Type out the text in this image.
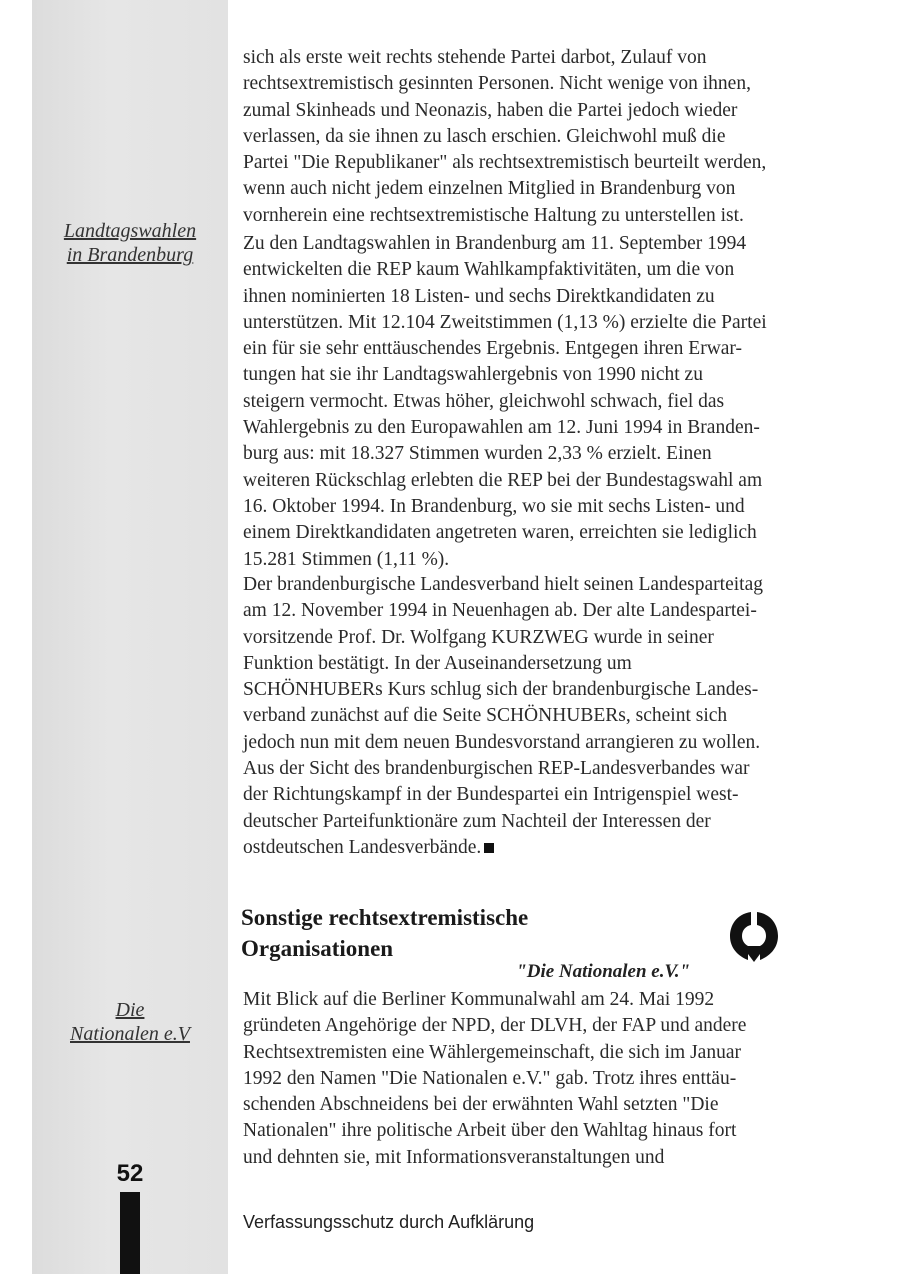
Landtagswahlen
in Brandenburg
Die
Nationalen e.V
52

sich als erste weit rechts stehende Partei darbot, Zulauf von
rechtsextremistisch gesinnten Personen. Nicht wenige von ihnen,
zumal Skinheads und Neonazis, haben die Partei jedoch wieder
verlassen, da sie ihnen zu lasch erschien. Gleichwohl muß die
Partei "Die Republikaner" als rechtsextremistisch beurteilt werden,
wenn auch nicht jedem einzelnen Mitglied in Brandenburg von
vornherein eine rechtsextremistische Haltung zu unterstellen ist.

Zu den Landtagswahlen in Brandenburg am 11. September 1994
entwickelten die REP kaum Wahlkampfaktivitäten, um die von
ihnen nominierten 18 Listen- und sechs Direktkandidaten zu
unterstützen. Mit 12.104 Zweitstimmen (1,13 %) erzielte die Partei
ein für sie sehr enttäuschendes Ergebnis. Entgegen ihren Erwar-
tungen hat sie ihr Landtagswahlergebnis von 1990 nicht zu
steigern vermocht. Etwas höher, gleichwohl schwach, fiel das
Wahlergebnis zu den Europawahlen am 12. Juni 1994 in Branden-
burg aus: mit 18.327 Stimmen wurden 2,33 % erzielt. Einen
weiteren Rückschlag erlebten die REP bei der Bundestagswahl am
16. Oktober 1994. In Brandenburg, wo sie mit sechs Listen- und
einem Direktkandidaten angetreten waren, erreichten sie lediglich
15.281 Stimmen (1,11 %).

Der brandenburgische Landesverband hielt seinen Landesparteitag
am 12. November 1994 in Neuenhagen ab. Der alte Landespartei-
vorsitzende Prof. Dr. Wolfgang KURZWEG wurde in seiner
Funktion bestätigt. In der Auseinandersetzung um
SCHÖNHUBERs Kurs schlug sich der brandenburgische Landes-
verband zunächst auf die Seite SCHÖNHUBERs, scheint sich
jedoch nun mit dem neuen Bundesvorstand arrangieren zu wollen.
Aus der Sicht des brandenburgischen REP-Landesverbandes war
der Richtungskampf in der Bundespartei ein Intrigenspiel west-
deutscher Parteifunktionäre zum Nachteil der Interessen der
ostdeutschen Landesverbände.

Sonstige rechtsextremistische
Organisationen
"Die Nationalen e.V."

Mit Blick auf die Berliner Kommunalwahl am 24. Mai 1992
gründeten Angehörige der NPD, der DLVH, der FAP und andere
Rechtsextremisten eine Wählergemeinschaft, die sich im Januar
1992 den Namen "Die Nationalen e.V." gab. Trotz ihres enttäu-
schenden Abschneidens bei der erwähnten Wahl setzten "Die
Nationalen" ihre politische Arbeit über den Wahltag hinaus fort
und dehnten sie, mit Informationsveranstaltungen und

Verfassungsschutz durch Aufklärung
